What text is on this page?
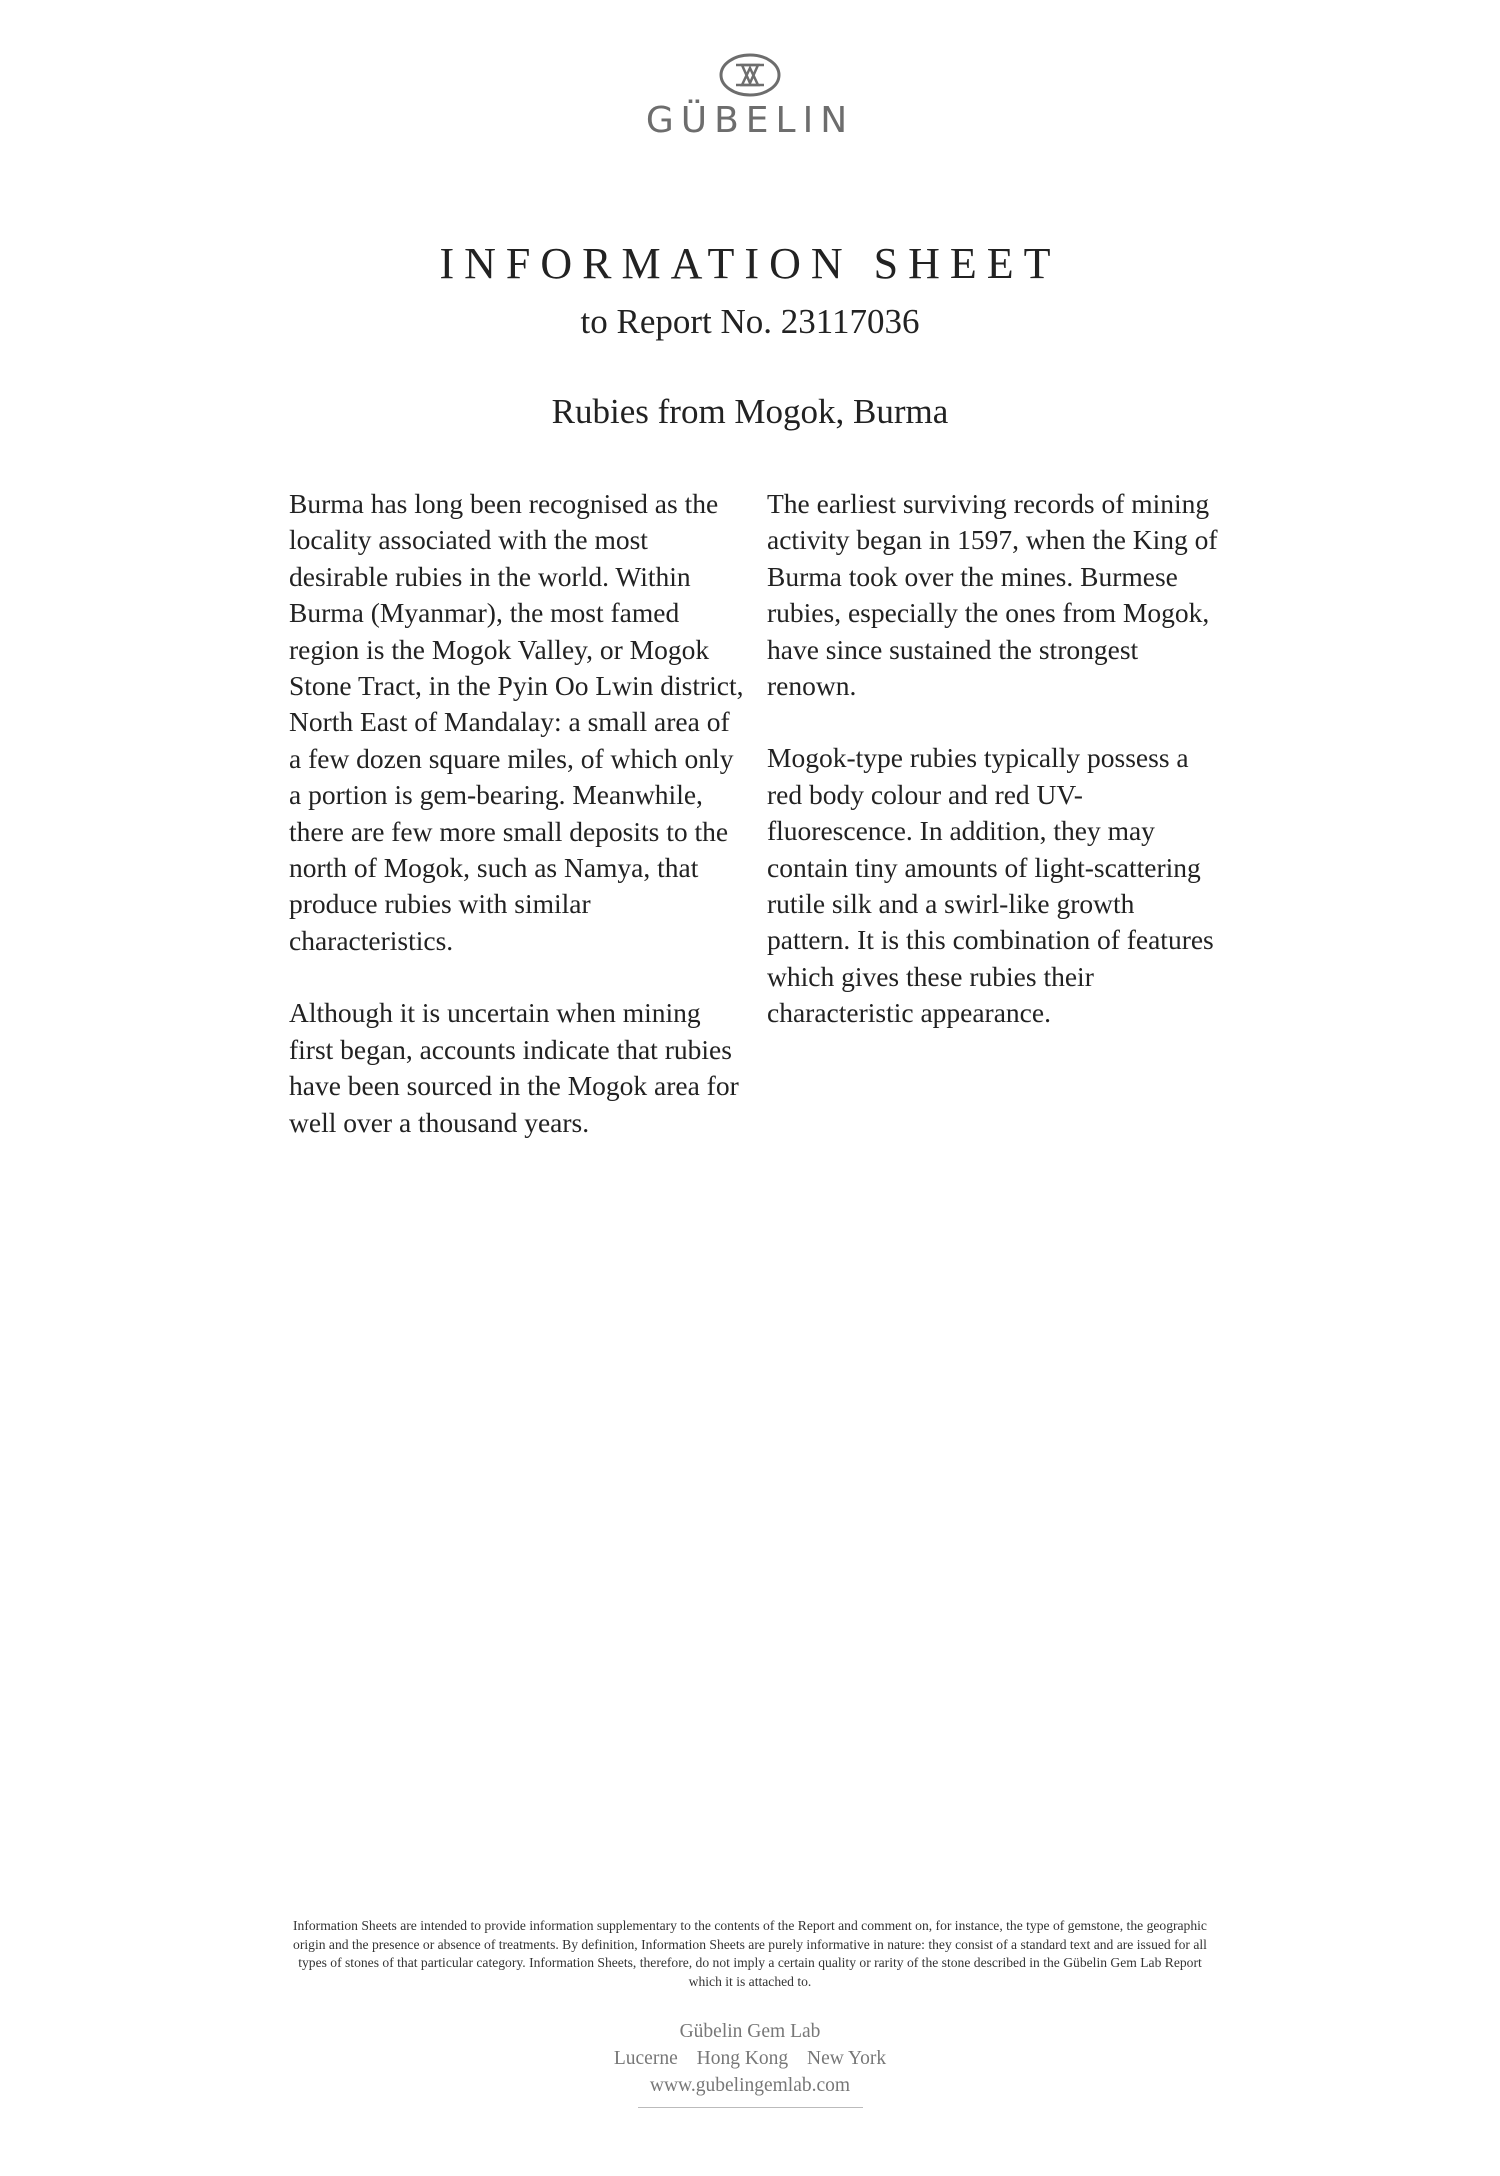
GÜBELIN
INFORMATION SHEET
to Report No. 23117036
Rubies from Mogok, Burma

Burma has long been recognised as the locality associated with the most desirable rubies in the world. Within Burma (Myanmar), the most famed region is the Mogok Valley, or Mogok Stone Tract, in the Pyin Oo Lwin district, North East of Mandalay: a small area of a few dozen square miles, of which only a portion is gem-bearing. Meanwhile, there are few more small deposits to the north of Mogok, such as Namya, that produce rubies with similar characteristics.

Although it is uncertain when mining first began, accounts indicate that rubies have been sourced in the Mogok area for well over a thousand years.

The earliest surviving records of mining activity began in 1597, when the King of Burma took over the mines. Burmese rubies, especially the ones from Mogok, have since sustained the strongest renown.

Mogok-type rubies typically possess a red body colour and red UV-fluorescence. In addition, they may contain tiny amounts of light-scattering rutile silk and a swirl-like growth pattern. It is this combination of features which gives these rubies their characteristic appearance.

Information Sheets are intended to provide information supplementary to the contents of the Report and comment on, for instance, the type of gemstone, the geographic origin and the presence or absence of treatments. By definition, Information Sheets are purely informative in nature: they consist of a standard text and are issued for all types of stones of that particular category. Information Sheets, therefore, do not imply a certain quality or rarity of the stone described in the Gübelin Gem Lab Report which it is attached to.
Gübelin Gem Lab
Lucerne Hong Kong New York
www.gubelingemlab.com
